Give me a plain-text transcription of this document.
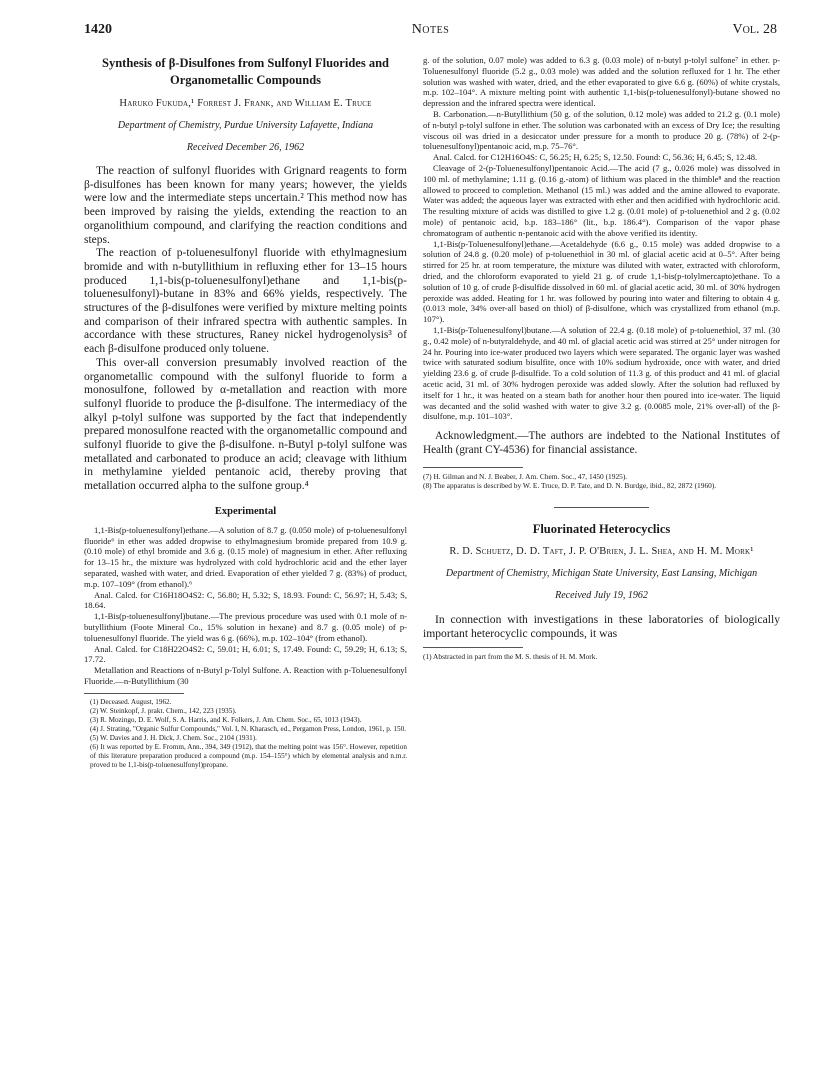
1420	Notes	Vol. 28
Synthesis of β-Disulfones from Sulfonyl Fluorides and Organometallic Compounds
Haruko Fukuda,¹ Forrest J. Frank, and William E. Truce
Department of Chemistry, Purdue University Lafayette, Indiana
Received December 26, 1962

The reaction of sulfonyl fluorides with Grignard reagents to form β-disulfones has been known for many years; however, the yields were low and the intermediate steps uncertain.² This method now has been improved by raising the yields, extending the reaction to an organolithium compound, and clarifying the reaction conditions and steps.

The reaction of p-toluenesulfonyl fluoride with ethylmagnesium bromide and with n-butyllithium in refluxing ether for 13–15 hours produced 1,1-bis(p-toluenesulfonyl)ethane and 1,1-bis(p-toluenesulfonyl)-butane in 83% and 66% yields, respectively. The structures of the β-disulfones were verified by mixture melting points and comparison of their infrared spectra with authentic samples. In accordance with these structures, Raney nickel hydrogenolysis³ of each β-disulfone produced only toluene.

This over-all conversion presumably involved reaction of the organometallic compound with the sulfonyl fluoride to form a monosulfone, followed by α-metallation and reaction with more sulfonyl fluoride to produce the β-disulfone. The intermediacy of the alkyl p-tolyl sulfone was supported by the fact that independently prepared monosulfone reacted with the organometallic compound and sulfonyl fluoride to give the β-disulfone. n-Butyl p-tolyl sulfone was metallated and carbonated to produce an acid; cleavage with lithium in methylamine yielded pentanoic acid, thereby proving that metallation occurred alpha to the sulfone group.⁴

Experimental

1,1-Bis(p-toluenesulfonyl)ethane.—A solution of 8.7 g. (0.050 mole) of p-toluenesulfonyl fluoride⁶ in ether was added dropwise to ethylmagnesium bromide prepared from 10.9 g. (0.10 mole) of ethyl bromide and 3.6 g. (0.15 mole) of magnesium in ether. After refluxing for 13–15 hr., the mixture was hydrolyzed with cold hydrochloric acid and the ether layer separated, washed with water, and dried. Evaporation of ether yielded 7 g. (83%) of product, m.p. 107–109° (from ethanol).⁶

Anal. Calcd. for C16H18O4S2: C, 56.80; H, 5.32; S, 18.93. Found: C, 56.97; H, 5.43; S, 18.64.

1,1-Bis(p-toluenesulfonyl)butane.—The previous procedure was used with 0.1 mole of n-butyllithium (Foote Mineral Co., 15% solution in hexane) and 8.7 g. (0.05 mole) of p-toluenesulfonyl fluoride. The yield was 6 g. (66%), m.p. 102–104° (from ethanol).

Anal. Calcd. for C18H22O4S2: C, 59.01; H, 6.01; S, 17.49. Found: C, 59.29; H, 6.13; S, 17.72.

Metallation and Reactions of n-Butyl p-Tolyl Sulfone. A. Reaction with p-Toluenesulfonyl Fluoride.—n-Butyllithium (30

(1) Deceased. August, 1962.

(2) W. Steinkopf, J. prakt. Chem., 142, 223 (1935).

(3) R. Mozingo, D. E. Wolf, S. A. Harris, and K. Folkers, J. Am. Chem. Soc., 65, 1013 (1943).

(4) J. Strating, "Organic Sulfur Compounds," Vol. I, N. Kharasch, ed., Pergamon Press, London, 1961, p. 150.

(5) W. Davies and J. H. Dick, J. Chem. Soc., 2104 (1931).

(6) It was reported by E. Fromm, Ann., 394, 349 (1912), that the melting point was 156°. However, repetition of this literature preparation produced a compound (m.p. 154–155°) which by elemental analysis and n.m.r. proved to be 1,1-bis(p-toluenesulfonyl)propane.

g. of the solution, 0.07 mole) was added to 6.3 g. (0.03 mole) of n-butyl p-tolyl sulfone⁷ in ether. p-Toluenesulfonyl fluoride (5.2 g., 0.03 mole) was added and the solution refluxed for 1 hr. The ether solution was washed with water, dried, and the ether evaporated to give 6.6 g. (60%) of white crystals, m.p. 102–104°. A mixture melting point with authentic 1,1-bis(p-toluenesulfonyl)-butane showed no depression and the infrared spectra were identical.

B. Carbonation.—n-Butyllithium (50 g. of the solution, 0.12 mole) was added to 21.2 g. (0.1 mole) of n-butyl p-tolyl sulfone in ether. The solution was carbonated with an excess of Dry Ice; the resulting viscous oil was dried in a desiccator under pressure for a month to produce 20 g. (78%) of 2-(p-toluenesulfonyl)pentanoic acid, m.p. 75–76°.

Anal. Calcd. for C12H16O4S: C, 56.25; H, 6.25; S, 12.50. Found: C, 56.36; H, 6.45; S, 12.48.

Cleavage of 2-(p-Toluenesulfonyl)pentanoic Acid.—The acid (7 g., 0.026 mole) was dissolved in 100 ml. of methylamine; 1.11 g. (0.16 g.-atom) of lithium was placed in the thimble⁸ and the reaction allowed to proceed to completion. Methanol (15 ml.) was added and the amine allowed to evaporate. Water was added; the aqueous layer was extracted with ether and then acidified with hydrochloric acid. The resulting mixture of acids was distilled to give 1.2 g. (0.01 mole) of p-toluenethiol and 2 g. (0.02 mole) of pentanoic acid, b.p. 183–186° (lit., b.p. 186.4°). Comparison of the vapor phase chromatogram of authentic n-pentanoic acid with the above verified its identity.

1,1-Bis(p-Toluenesulfonyl)ethane.—Acetaldehyde (6.6 g., 0.15 mole) was added dropwise to a solution of 24.8 g. (0.20 mole) of p-toluenethiol in 30 ml. of glacial acetic acid at 0–5°. After being stirred for 25 hr. at room temperature, the mixture was diluted with water, extracted with chloroform, dried, and the chloroform evaporated to yield 21 g. of crude 1,1-bis(p-tolylmercapto)ethane. To a solution of 10 g. of crude β-disulfide dissolved in 60 ml. of glacial acetic acid, 30 ml. of 30% hydrogen peroxide was added. Heating for 1 hr. was followed by pouring into water and filtering to obtain 4 g. (0.013 mole, 34% over-all based on thiol) of β-disulfone, which was crystallized from ethanol (m.p. 107°).

1,1-Bis(p-Toluenesulfonyl)butane.—A solution of 22.4 g. (0.18 mole) of p-toluenethiol, 37 ml. (30 g., 0.42 mole) of n-butyraldehyde, and 40 ml. of glacial acetic acid was stirred at 25° under nitrogen for 24 hr. Pouring into ice-water produced two layers which were separated. The organic layer was washed twice with saturated sodium bisulfite, once with 10% sodium hydroxide, once with water, and dried yielding 23.6 g. of crude β-disulfide. To a cold solution of 11.3 g. of this product and 41 ml. of glacial acetic acid, 31 ml. of 30% hydrogen peroxide was added slowly. After the solution had refluxed by itself for 1 hr., it was heated on a steam bath for another hour then poured into ice-water. The liquid was decanted and the solid washed with water to give 3.2 g. (0.0085 mole, 21% over-all) of the β-disulfone, m.p. 101–103°.

Acknowledgment.—The authors are indebted to the National Institutes of Health (grant CY-4536) for financial assistance.

(7) H. Gilman and N. J. Beaber, J. Am. Chem. Soc., 47, 1450 (1925).

(8) The apparatus is described by W. E. Truce, D. P. Tate, and D. N. Burdge, ibid., 82, 2872 (1960).

Fluorinated Heterocyclics
R. D. Schuetz, D. D. Taft, J. P. O'Brien, J. L. Shea, and H. M. Mork¹
Department of Chemistry, Michigan State University, East Lansing, Michigan
Received July 19, 1962

In connection with investigations in these laboratories of biologically important heterocyclic compounds, it was

(1) Abstracted in part from the M. S. thesis of H. M. Mork.
